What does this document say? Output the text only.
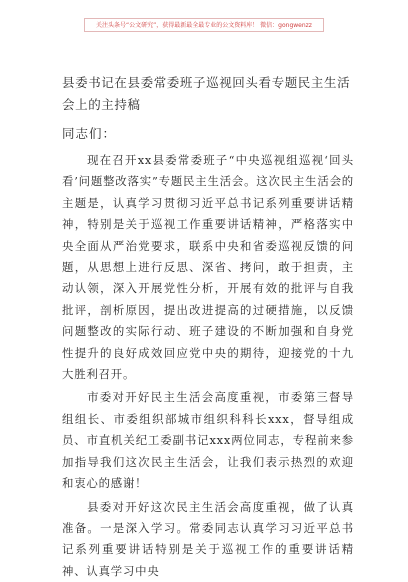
关注头条号“公文研究”，获得最新最全最专业的公文资料库！ 微信：gongwenzz
县委书记在县委常委班子巡视回头看专题民主生活会上的主持稿
同志们：

现在召开xx县委常委班子“中央巡视组巡视‘回头看’问题整改落实”专题民主生活会。这次民主生活会的主题是，认真学习贯彻习近平总书记系列重要讲话精神，特别是关于巡视工作重要讲话精神，严格落实中央全面从严治党要求，联系中央和省委巡视反馈的问题，从思想上进行反思、深省、拷问，敢于担责，主动认领，深入开展党性分析，开展有效的批评与自我批评，剖析原因，提出改进提高的过硬措施，以反馈问题整改的实际行动、班子建设的不断加强和自身党性提升的良好成效回应党中央的期待，迎接党的十九大胜利召开。

市委对开好民主生活会高度重视，市委第三督导组组长、市委组织部城市组织科科长xxx，督导组成员、市直机关纪工委副书记xxx两位同志，专程前来参加指导我们这次民主生活会，让我们表示热烈的欢迎和衷心的感谢！

县委对开好这次民主生活会高度重视，做了认真准备。一是深入学习。常委同志认真学习习近平总书记系列重要讲话特别是关于巡视工作的重要讲话精神、认真学习中央
